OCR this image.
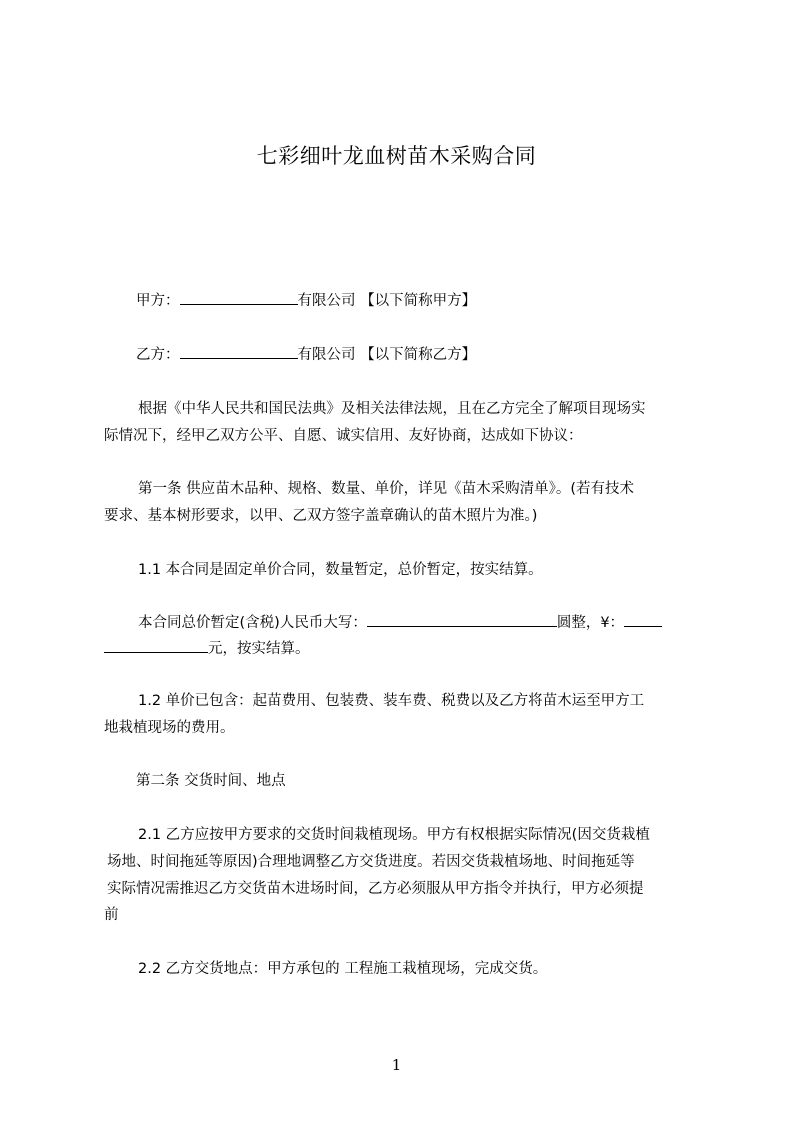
七彩细叶龙血树苗木采购合同
甲方：	有限公司 【以下简称甲方】
乙方：	有限公司 【以下简称乙方】
根据《中华人民共和国民法典》及相关法律法规，且在乙方完全了解项目现场实
际情况下，经甲乙双方公平、自愿、诚实信用、友好协商，达成如下协议：
第一条 供应苗木品种、规格、数量、单价，详见《苗木采购清单》。(若有技术
要求、基本树形要求，以甲、乙双方签字盖章确认的苗木照片为准。)
1.1 本合同是固定单价合同，数量暂定，总价暂定，按实结算。
本合同总价暂定(含税)人民币大写：	圆整，¥：
元，按实结算。
1.2 单价已包含：起苗费用、包装费、装车费、税费以及乙方将苗木运至甲方工
地栽植现场的费用。
第二条 交货时间、地点
2.1 乙方应按甲方要求的交货时间栽植现场。甲方有权根据实际情况(因交货栽植
场地、时间拖延等原因)合理地调整乙方交货进度。若因交货栽植场地、时间拖延等
实际情况需推迟乙方交货苗木进场时间，乙方必须服从甲方指令并执行，甲方必须提
前
2.2 乙方交货地点：甲方承包的 工程施工栽植现场，完成交货。
1
